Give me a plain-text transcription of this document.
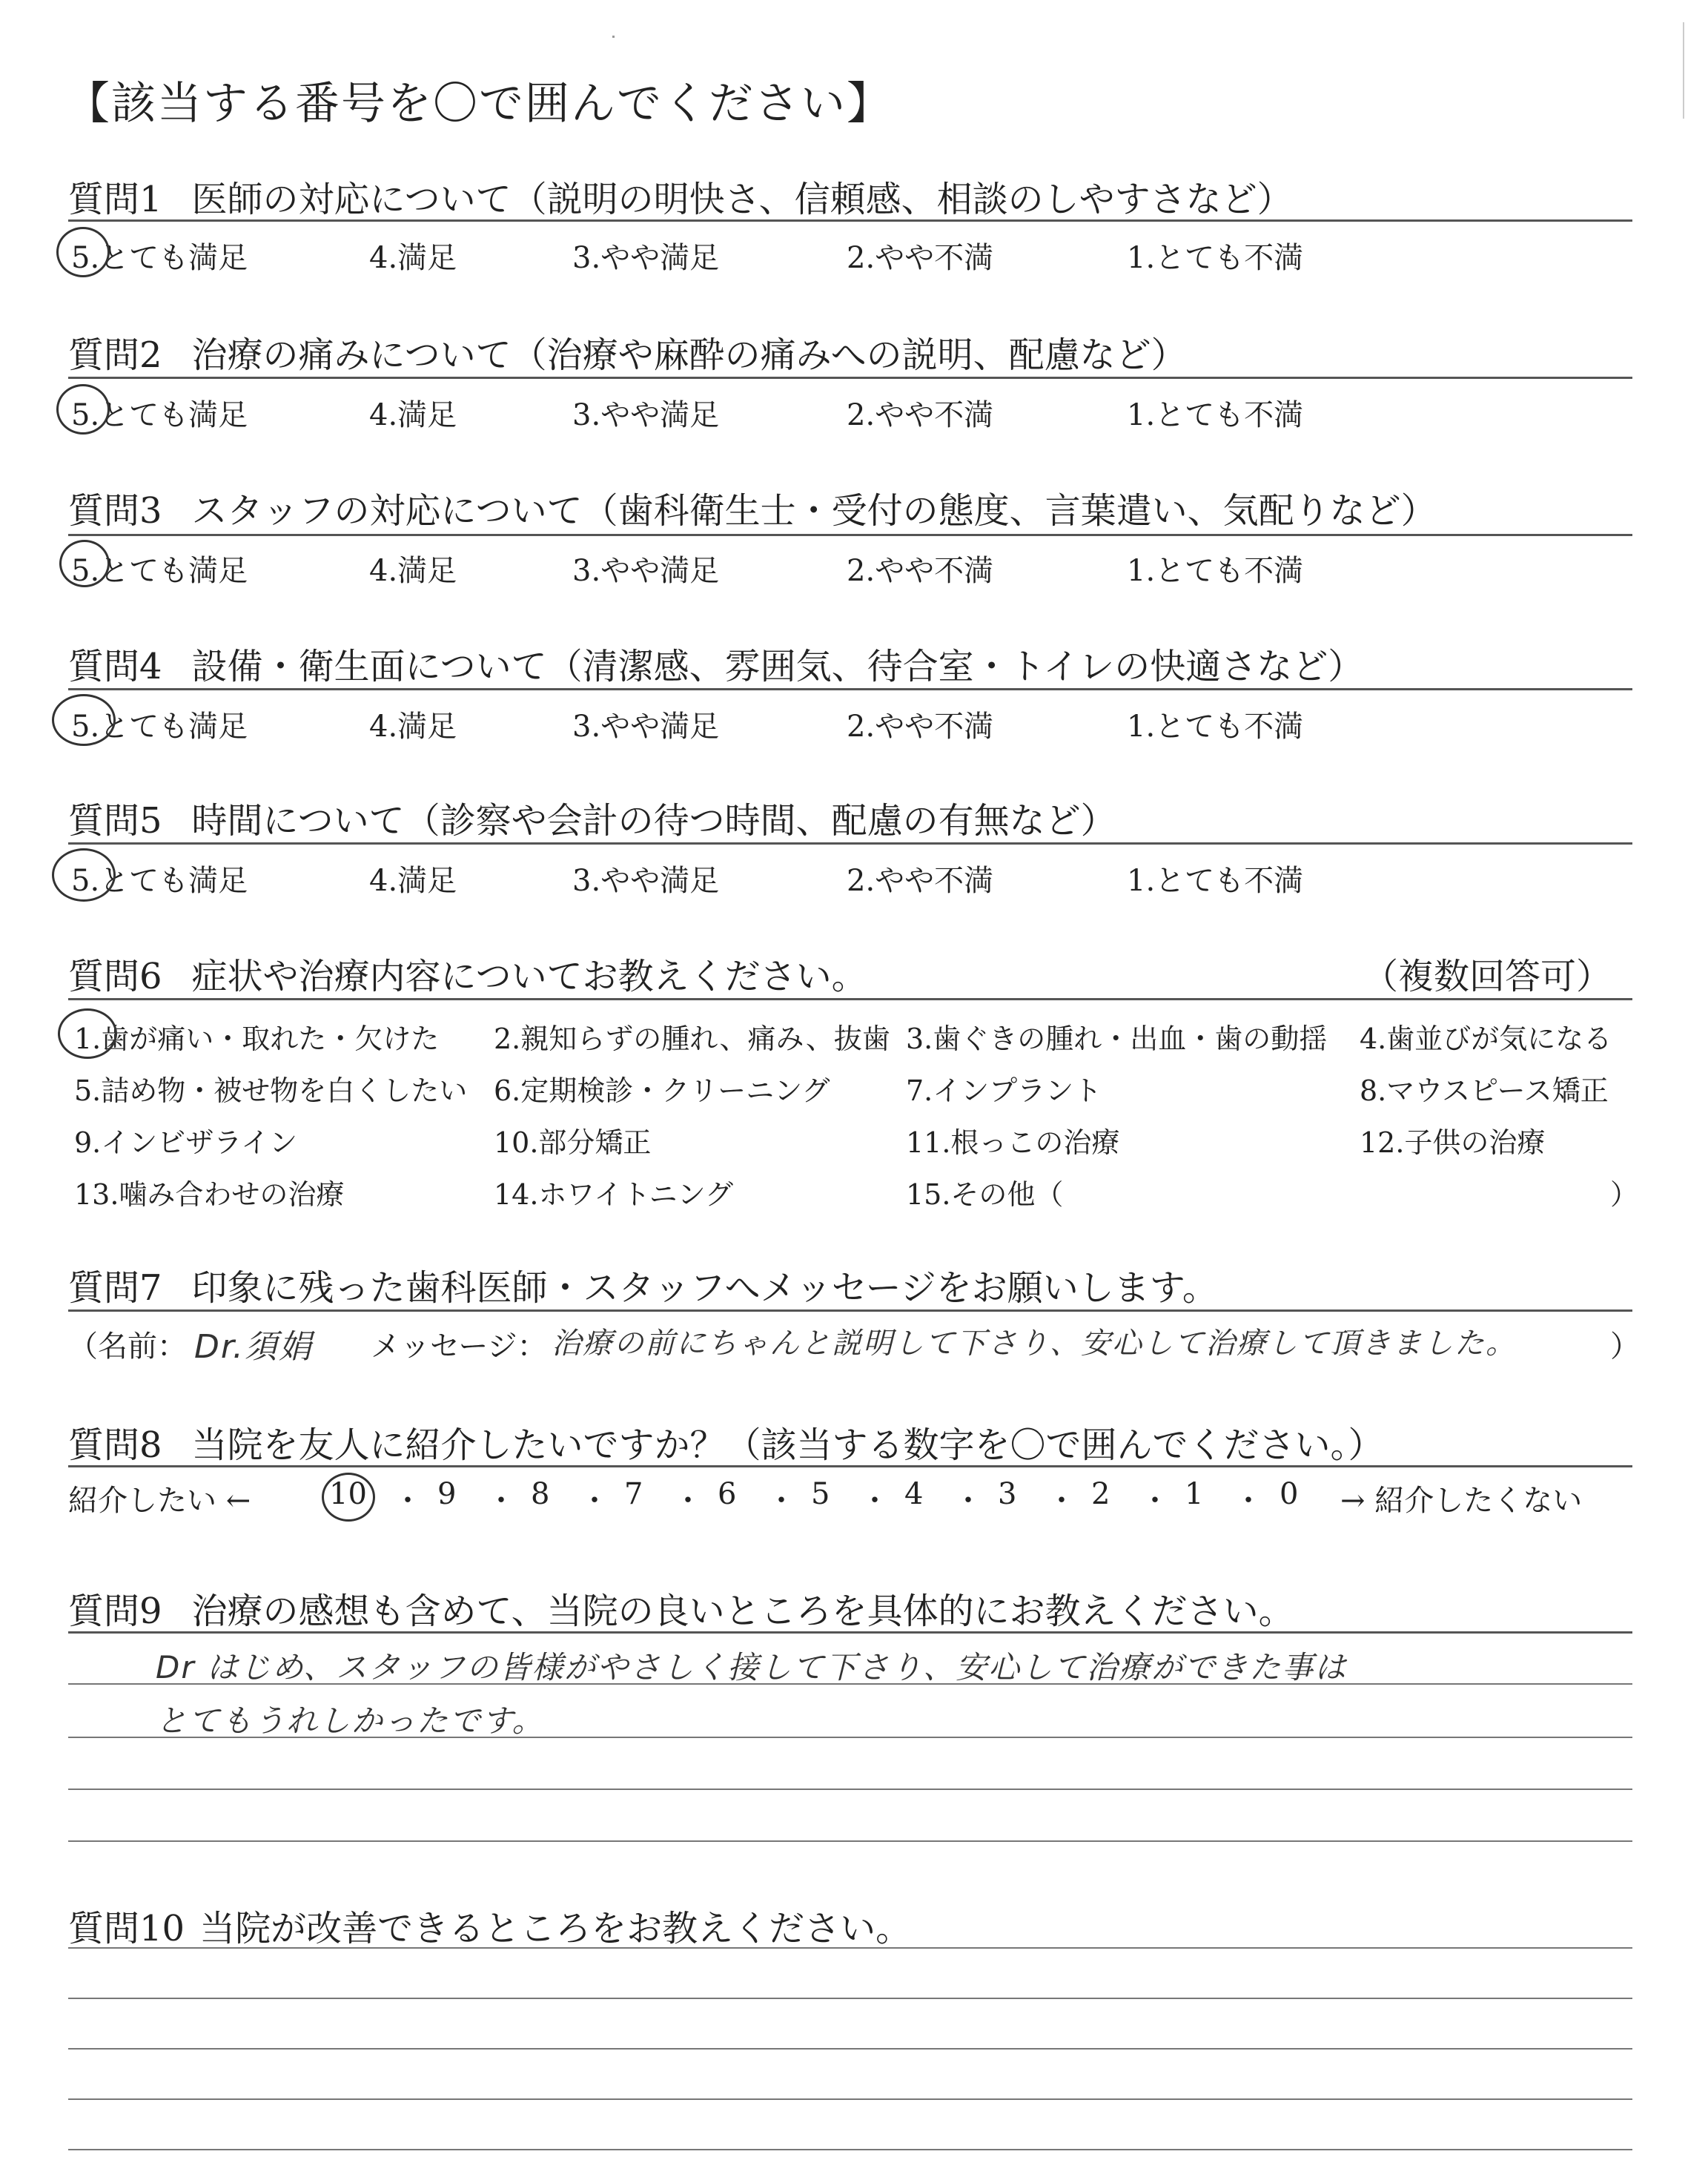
【該当する番号を〇で囲んでください】
質問1 医師の対応について（説明の明快さ、信頼感、相談のしやすさなど）
5.とても満足	4.満足	3.やや満足	2.やや不満	1.とても不満
質問2 治療の痛みについて（治療や麻酔の痛みへの説明、配慮など）
5.とても満足	4.満足	3.やや満足	2.やや不満	1.とても不満
質問3 スタッフの対応について（歯科衛生士・受付の態度、言葉遣い、気配りなど）
5.とても満足	4.満足	3.やや満足	2.やや不満	1.とても不満
質問4 設備・衛生面について（清潔感、雰囲気、待合室・トイレの快適さなど）
5.とても満足	4.満足	3.やや満足	2.やや不満	1.とても不満
質問5 時間について（診察や会計の待つ時間、配慮の有無など）
5.とても満足	4.満足	3.やや満足	2.やや不満	1.とても不満
質問6 症状や治療内容についてお教えください。	（複数回答可）
1.歯が痛い・取れた・欠けた 2.親知らずの腫れ、痛み、抜歯 3.歯ぐきの腫れ・出血・歯の動揺 4.歯並びが気になる
5.詰め物・被せ物を白くしたい 6.定期検診・クリーニング	7.インプラント	8.マウスピース矯正
9.インビザライン	10.部分矯正	11.根っこの治療	12.子供の治療
13.噛み合わせの治療	14.ホワイトニング	15.その他（	）
質問7 印象に残った歯科医師・スタッフへメッセージをお願いします。
（名前： Dr.須娟 メッセージ： 治療の前にちゃんと説明して下さり、安心して治療して頂きました。	）
質問8 当院を友人に紹介したいですか？（該当する数字を〇で囲んでください。）
紹介したい ←	10 ・ 9 ・ 8 ・ 7 ・ 6 ・ 5 ・ 4 ・ 3 ・ 2 ・ 1 ・ 0 → 紹介したくない
質問9 治療の感想も含めて、当院の良いところを具体的にお教えください。
Dr はじめ、スタッフの皆様がやさしく接して下さり、安心して治療ができた事は
とてもうれしかったです。
質問10 当院が改善できるところをお教えください。
